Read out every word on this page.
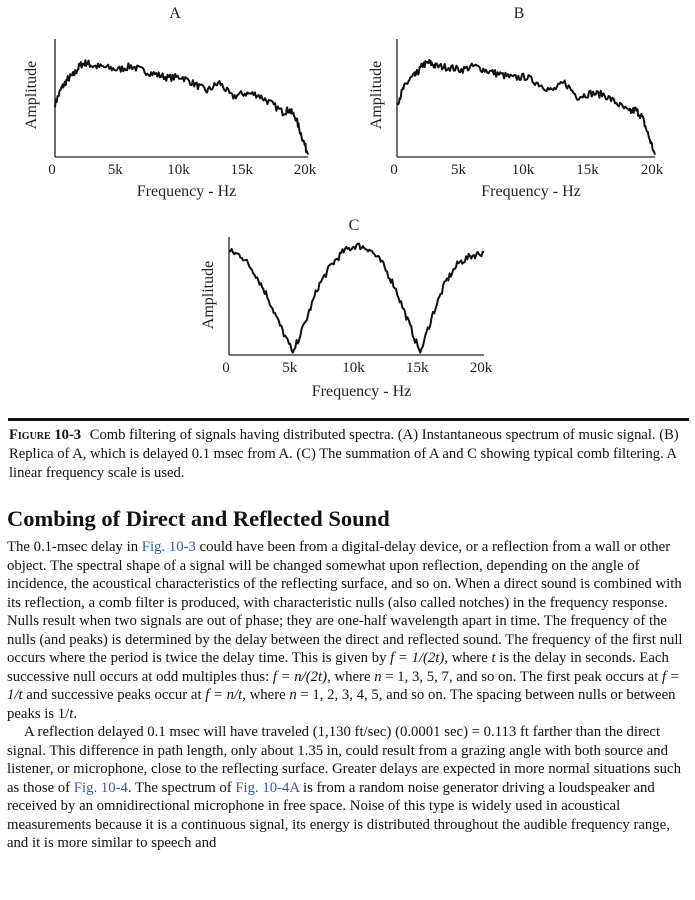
0	5k	10k	15k	20k
A
Amplitude
Frequency - Hz
0	5k	10k	15k	20k
B
Amplitude
Frequency - Hz
0	5k	10k	15k	20k
C
Amplitude
Frequency - Hz
Figure 10-3 Comb filtering of signals having distributed spectra. (A) Instantaneous spectrum of music signal. (B) Replica of A, which is delayed 0.1 msec from A. (C) The summation of A and C showing typical comb filtering. A linear frequency scale is used.
Combing of Direct and Reflected Sound

The 0.1-msec delay in Fig. 10-3 could have been from a digital-delay device, or a reflection from a wall or other object. The spectral shape of a signal will be changed somewhat upon reflection, depending on the angle of incidence, the acoustical characteristics of the reflecting surface, and so on. When a direct sound is combined with its reflection, a comb filter is produced, with characteristic nulls (also called notches) in the frequency response. Nulls result when two signals are out of phase; they are one-half wavelength apart in time. The frequency of the nulls (and peaks) is determined by the delay between the direct and reflected sound. The frequency of the first null occurs where the period is twice the delay time. This is given by f = 1/(2t), where t is the delay in seconds. Each successive null occurs at odd multiples thus: f = n/(2t), where n = 1, 3, 5, 7, and so on. The first peak occurs at f = 1/t and successive peaks occur at f = n/t, where n = 1, 2, 3, 4, 5, and so on. The spacing between nulls or between peaks is 1/t.

A reflection delayed 0.1 msec will have traveled (1,130 ft/sec) (0.0001 sec) = 0.113 ft farther than the direct signal. This difference in path length, only about 1.35 in, could result from a grazing angle with both source and listener, or microphone, close to the reflecting surface. Greater delays are expected in more normal situations such as those of Fig. 10-4. The spectrum of Fig. 10-4A is from a random noise generator driving a loudspeaker and received by an omnidirectional microphone in free space. Noise of this type is widely used in acoustical measurements because it is a continuous signal, its energy is distributed throughout the audible frequency range, and it is more similar to speech and
